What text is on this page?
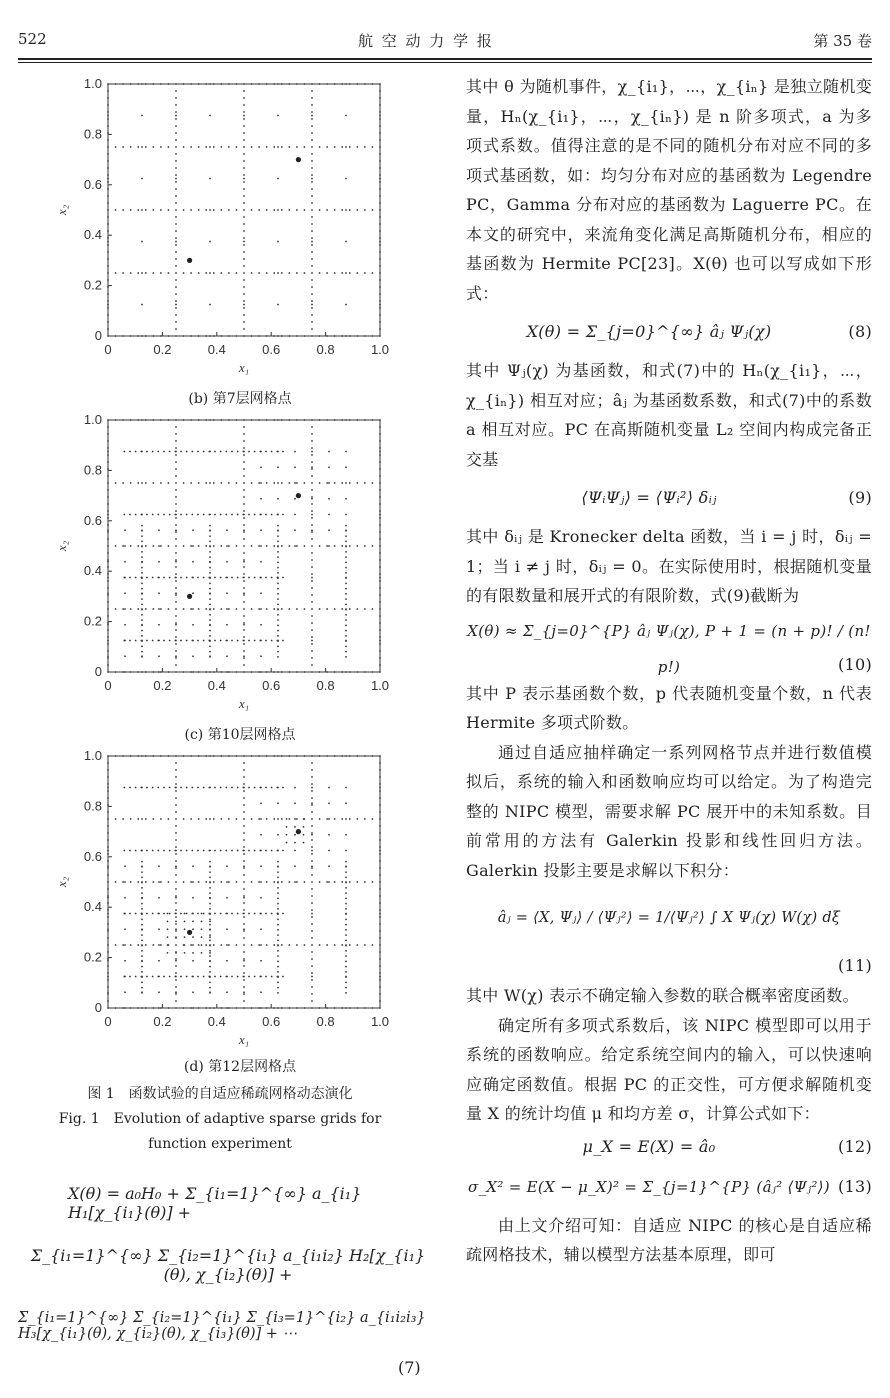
522	航 空 动 力 学 报	第 35 卷
0
0
0.2
0.2
0.4
0.4
0.6
0.6
0.8
0.8
1.0
1.0
x₁
x₂
(b) 第7层网格点
0
0
0.2
0.2
0.4
0.4
0.6
0.6
0.8
0.8
1.0
1.0
x₁
x₂
(c) 第10层网格点
0
0
0.2
0.2
0.4
0.4
0.6
0.6
0.8
0.8
1.0
1.0
x₁
x₂
(d) 第12层网格点
图 1　函数试验的自适应稀疏网格动态演化
Fig. 1　Evolution of adaptive sparse grids for
function experiment
X(θ) = a₀H₀ + Σ_{i₁=1}^{∞} a_{i₁} H₁[χ_{i₁}(θ)] +
Σ_{i₁=1}^{∞} Σ_{i₂=1}^{i₁} a_{i₁i₂} H₂[χ_{i₁}(θ), χ_{i₂}(θ)] +
Σ_{i₁=1}^{∞} Σ_{i₂=1}^{i₁} Σ_{i₃=1}^{i₂} a_{i₁i₂i₃} H₃[χ_{i₁}(θ), χ_{i₂}(θ), χ_{i₃}(θ)] + ⋯
(7)

其中 θ 为随机事件，χ_{i₁}，⋯，χ_{iₙ} 是独立随机变量，Hₙ(χ_{i₁}，⋯，χ_{iₙ}) 是 n 阶多项式，a 为多项式系数。值得注意的是不同的随机分布对应不同的多项式基函数，如：均匀分布对应的基函数为 Legendre PC，Gamma 分布对应的基函数为 Laguerre PC。在本文的研究中，来流角变化满足高斯随机分布，相应的基函数为 Hermite PC[23]。X(θ) 也可以写成如下形式：

X(θ) = Σ_{j=0}^{∞} âⱼ Ψⱼ(χ)	(8)

其中 Ψⱼ(χ) 为基函数，和式(7)中的 Hₙ(χ_{i₁}，⋯，χ_{iₙ}) 相互对应；âⱼ 为基函数系数，和式(7)中的系数 a 相互对应。PC 在高斯随机变量 L₂ 空间内构成完备正交基

⟨ΨᵢΨⱼ⟩ = ⟨Ψᵢ²⟩ δᵢⱼ	(9)

其中 δᵢⱼ 是 Kronecker delta 函数，当 i = j 时，δᵢⱼ = 1；当 i ≠ j 时，δᵢⱼ = 0。在实际使用时，根据随机变量的有限数量和展开式的有限阶数，式(9)截断为

X(θ) ≈ Σ_{j=0}^{P} âⱼ Ψⱼ(χ), P + 1 = (n + p)! / (n! p!)	(10)

其中 P 表示基函数个数，p 代表随机变量个数，n 代表 Hermite 多项式阶数。

通过自适应抽样确定一系列网格节点并进行数值模拟后，系统的输入和函数响应均可以给定。为了构造完整的 NIPC 模型，需要求解 PC 展开中的未知系数。目前常用的方法有 Galerkin 投影和线性回归方法。Galerkin 投影主要是求解以下积分：

âⱼ = ⟨X, Ψⱼ⟩ / ⟨Ψⱼ²⟩ = 1/⟨Ψⱼ²⟩ ∫ X Ψⱼ(χ) W(χ) dξ
(11)

其中 W(χ) 表示不确定输入参数的联合概率密度函数。

确定所有多项式系数后，该 NIPC 模型即可以用于系统的函数响应。给定系统空间内的输入，可以快速响应确定函数值。根据 PC 的正交性，可方便求解随机变量 X 的统计均值 μ 和均方差 σ，计算公式如下：

μ_X = E(X) = â₀	(12)
σ_X² = E(X − μ_X)² = Σ_{j=1}^{P} (âⱼ² ⟨Ψⱼ²⟩) (13)

由上文介绍可知：自适应 NIPC 的核心是自适应稀疏网格技术，辅以模型方法基本原理，即可
